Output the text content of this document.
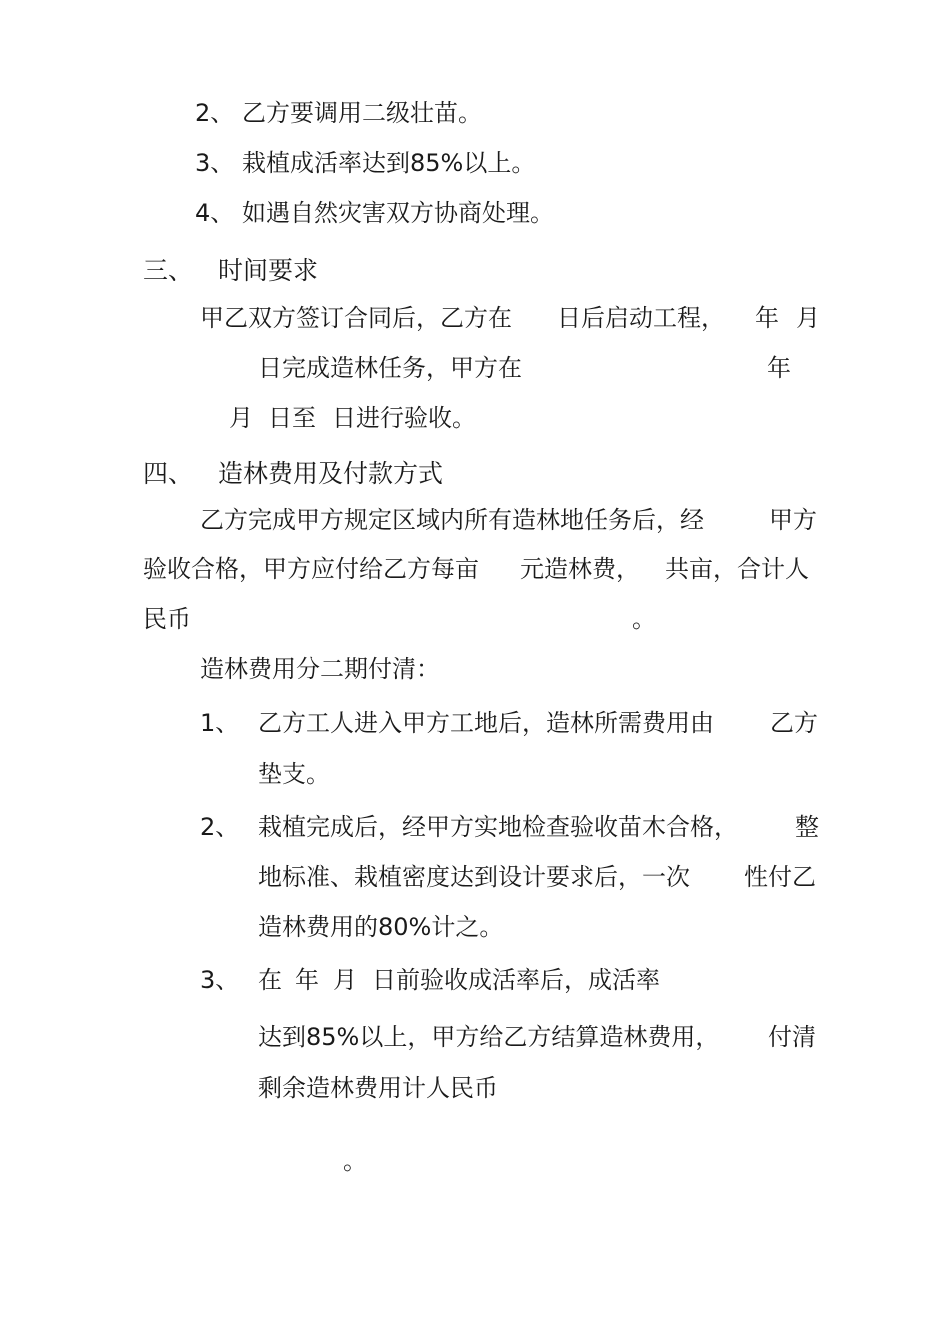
2、 乙方要调用二级壮苗。

3、 栽植成活率达到85%以上。

4、 如遇自然灾害双方协商处理。

三、 时间要求

甲乙双方签订合同后，乙方在 日后启动工程， 年 月

日完成造林任务，甲方在	年

月 日至 日进行验收。

四、 造林费用及付款方式

乙方完成甲方规定区域内所有造林地任务后，经	甲方

验收合格，甲方应付给乙方每亩 元造林费， 共亩，合计人

民币	。

造林费用分二期付清：

1、 乙方工人进入甲方工地后，造林所需费用由 乙方

垫支。

2、 栽植完成后，经甲方实地检查验收苗木合格， 整

地标准、栽植密度达到设计要求后，一次 性付乙

造林费用的80%计之。

3、 在 年 月 日前验收成活率后，成活率

达到85%以上，甲方给乙方结算造林费用， 付清

剩余造林费用计人民币

。
